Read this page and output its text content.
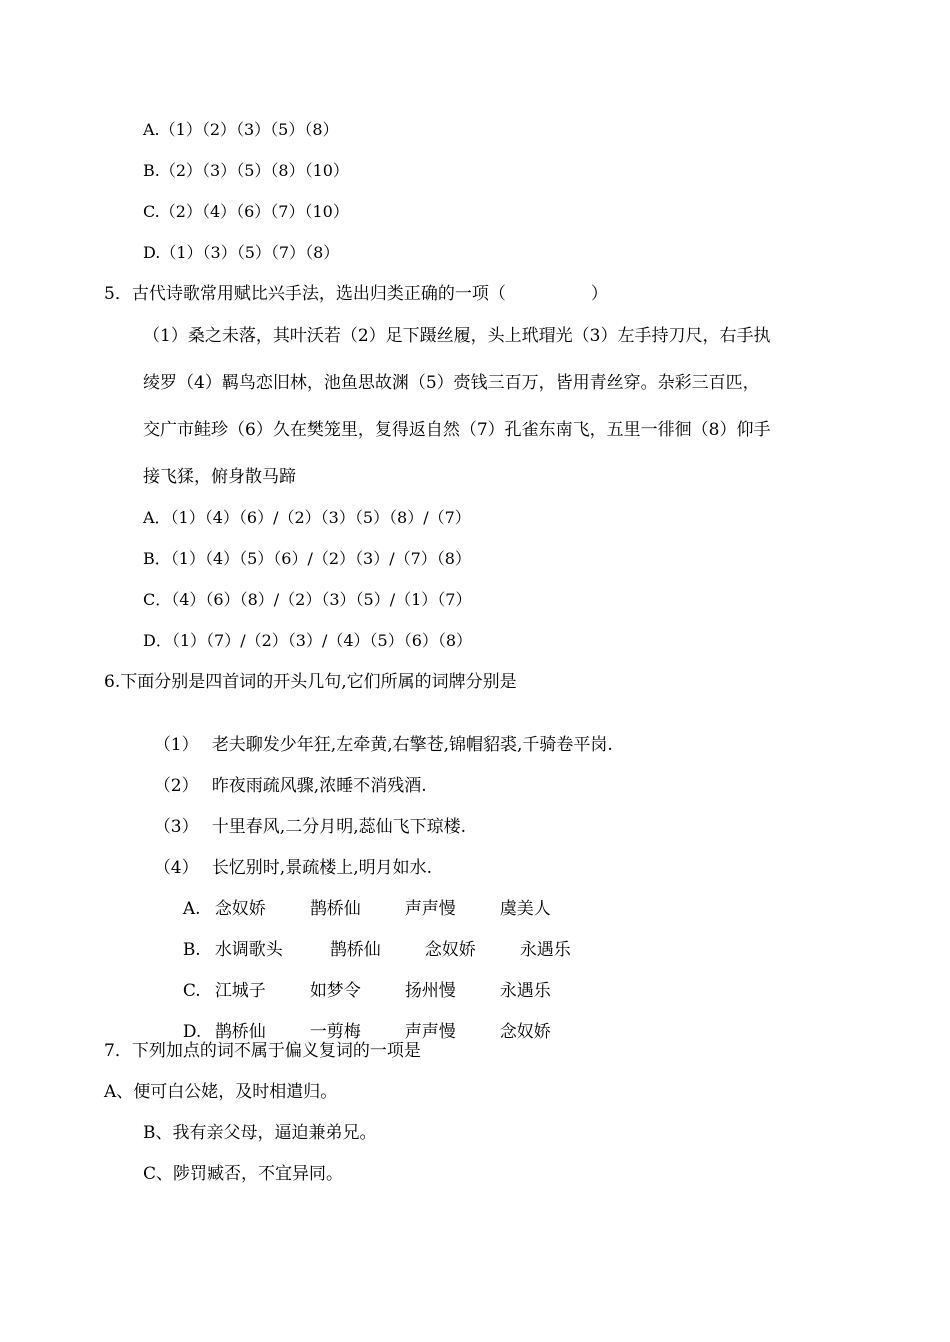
A.（1）（2）（3）（5）（8）
B.（2）（3）（5）（8）（10）
C.（2）（4）（6）（7）（10）
D.（1）（3）（5）（7）（8）
5．古代诗歌常用赋比兴手法，选出归类正确的一项（　　　　　）
（1）桑之未落，其叶沃若（2）足下蹑丝履，头上玳瑁光（3）左手持刀尺，右手执
绫罗（4）羁鸟恋旧林，池鱼思故渊（5）赍钱三百万，皆用青丝穿。杂彩三百匹，
交广市鲑珍（6）久在樊笼里，复得返自然（7）孔雀东南飞，五里一徘徊（8）仰手
接飞猱，俯身散马蹄
A．（1）（4）（6）/（2）（3）（5）（8）/（7）
B．（1）（4）（5）（6）/（2）（3）/（7）（8）
C．（4）（6）（8）/（2）（3）（5）/（1）（7）
D．（1）（7）/（2）（3）/（4）（5）（6）（8）
6.下面分别是四首词的开头几句,它们所属的词牌分别是

（1） 老夫聊发少年狂,左牵黄,右擎苍,锦帽貂裘,千骑卷平岗.

（2） 昨夜雨疏风骤,浓睡不消残酒.

（3） 十里春风,二分月明,蕊仙飞下琼楼.

（4） 长忆别时,景疏楼上,明月如水.

A. 念奴娇	鹊桥仙	声声慢	虞美人

B. 水调歌头	鹊桥仙	念奴娇	永遇乐

C. 江城子	如梦令	扬州慢	永遇乐

D. 鹊桥仙	一剪梅	声声慢	念奴娇

7．下列加点的词不属于偏义复词的一项是
A、便可白公姥，及时相遣归。
B、我有亲父母，逼迫兼弟兄。
C、陟罚臧否，不宜异同。
